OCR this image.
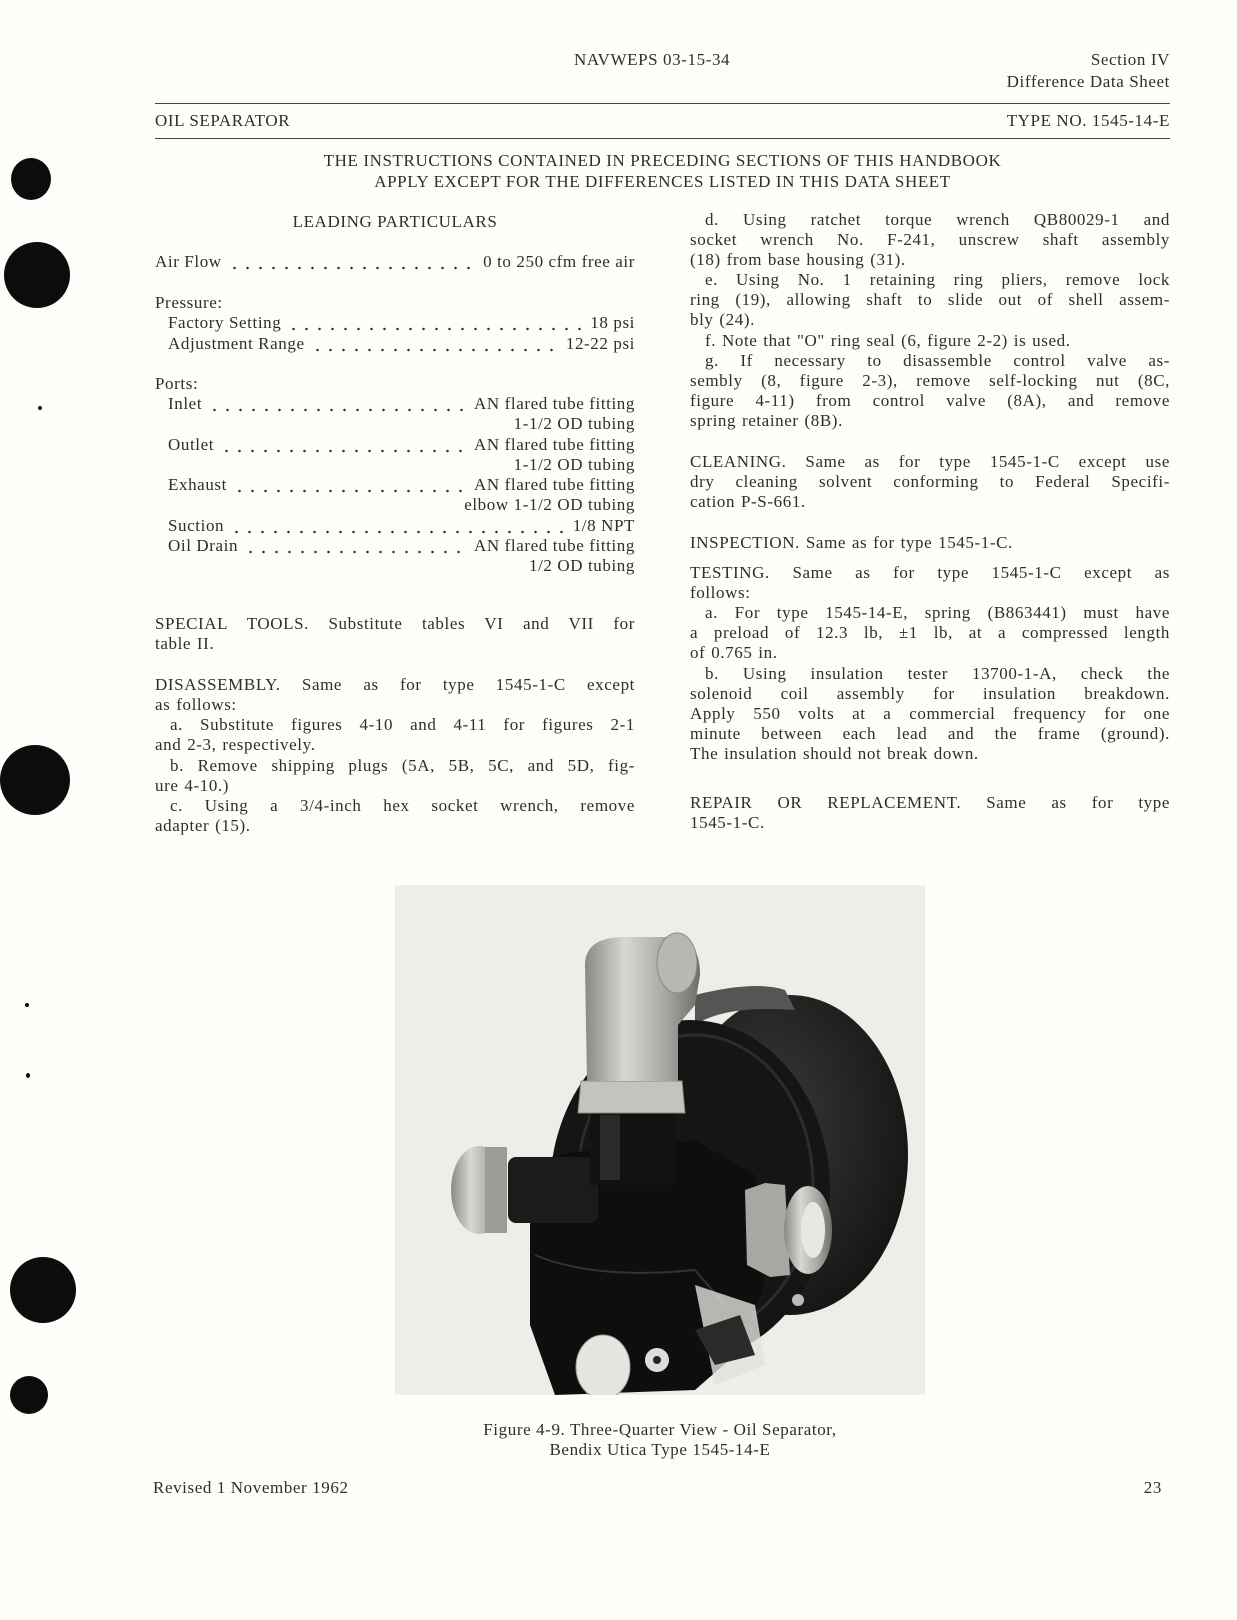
NAVWEPS 03-15-34	Section IV
Difference Data Sheet
OIL SEPARATOR	TYPE NO. 1545-14-E
THE INSTRUCTIONS CONTAINED IN PRECEDING SECTIONS OF THIS HANDBOOK
APPLY EXCEPT FOR THE DIFFERENCES LISTED IN THIS DATA SHEET
LEADING PARTICULARS
Air Flow	0 to 250 cfm free air
Pressure:
Factory Setting	18 psi
Adjustment Range	12-22 psi
Ports:
Inlet	AN flared tube fitting
1-1/2 OD tubing
Outlet	AN flared tube fitting
1-1/2 OD tubing
Exhaust	AN flared tube fitting
elbow 1-1/2 OD tubing
Suction	1/8 NPT
Oil Drain	AN flared tube fitting
1/2 OD tubing
SPECIAL TOOLS. Substitute tables VI and VII for
table II.
DISASSEMBLY. Same as for type 1545-1-C except
as follows:
a. Substitute figures 4-10 and 4-11 for figures 2-1
and 2-3, respectively.
b. Remove shipping plugs (5A, 5B, 5C, and 5D, fig-
ure 4-10.)
c. Using a 3/4-inch hex socket wrench, remove
adapter (15).
d. Using ratchet torque wrench QB80029-1 and
socket wrench No. F-241, unscrew shaft assembly
(18) from base housing (31).
e. Using No. 1 retaining ring pliers, remove lock
ring (19), allowing shaft to slide out of shell assem-
bly (24).
f. Note that "O" ring seal (6, figure 2-2) is used.
g. If necessary to disassemble control valve as-
sembly (8, figure 2-3), remove self-locking nut (8C,
figure 4-11) from control valve (8A), and remove
spring retainer (8B).
CLEANING. Same as for type 1545-1-C except use
dry cleaning solvent conforming to Federal Specifi-
cation P-S-661.
INSPECTION. Same as for type 1545-1-C.
TESTING. Same as for type 1545-1-C except as
follows:
a. For type 1545-14-E, spring (B863441) must have
a preload of 12.3 lb, ±1 lb, at a compressed length
of 0.765 in.
b. Using insulation tester 13700-1-A, check the
solenoid coil assembly for insulation breakdown.
Apply 550 volts at a commercial frequency for one
minute between each lead and the frame (ground).
The insulation should not break down.
REPAIR OR REPLACEMENT. Same as for type
1545-1-C.
Figure 4-9. Three-Quarter View - Oil Separator,
Bendix Utica Type 1545-14-E
Revised 1 November 1962	23
